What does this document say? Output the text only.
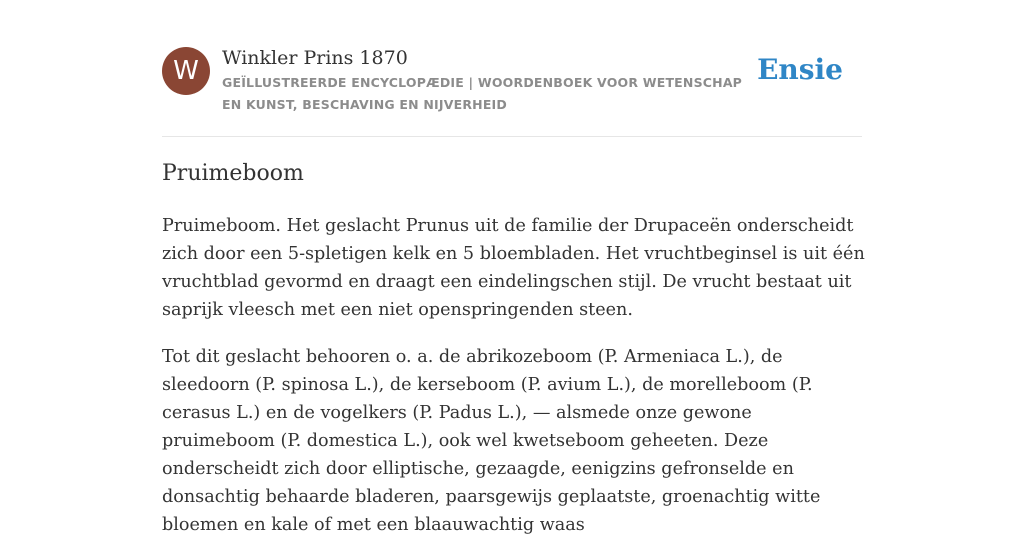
W	Winkler Prins 1870
GEÏLLUSTREERDE ENCYCLOPÆDIE | WOORDENBOEK VOOR WETENSCHAP EN KUNST, BESCHAVING EN NIJVERHEID
Ensie
Pruimeboom

Pruimeboom. Het geslacht Prunus uit de familie der Drupaceën onderscheidt zich door een 5-spletigen kelk en 5 bloembladen. Het vruchtbeginsel is uit één vruchtblad gevormd en draagt een eindelingschen stijl. De vrucht bestaat uit saprijk vleesch met een niet openspringenden steen.

Tot dit geslacht behooren o. a. de abrikozeboom (P. Armeniaca L.), de sleedoorn (P. spinosa L.), de kerseboom (P. avium L.), de morelleboom (P. cerasus L.) en de vogelkers (P. Padus L.), — alsmede onze gewone pruimeboom (P. domestica L.), ook wel kwetseboom geheeten. Deze onderscheidt zich door elliptische, gezaagde, eenigzins gefronselde en donsachtig behaarde bladeren, paarsgewijs geplaatste, groenachtig witte bloemen en kale of met een blaauwachtig waas
